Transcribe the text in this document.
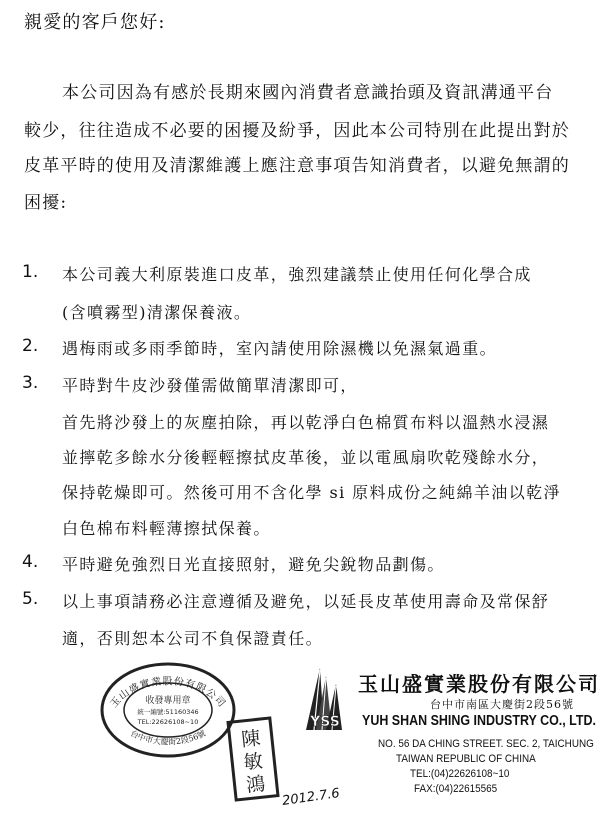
親愛的客戶您好:
本公司因為有感於長期來國內消費者意識抬頭及資訊溝通平台
較少，往往造成不必要的困擾及紛爭，因此本公司特別在此提出對於
皮革平時的使用及清潔維護上應注意事項告知消費者，以避免無謂的
困擾:
1. 本公司義大利原裝進口皮革，強烈建議禁止使用任何化學合成
(含噴霧型)清潔保養液。
2. 遇梅雨或多雨季節時，室內請使用除濕機以免濕氣過重。
3. 平時對牛皮沙發僅需做簡單清潔即可，
首先將沙發上的灰塵拍除，再以乾淨白色棉質布料以溫熱水浸濕
並擰乾多餘水分後輕輕擦拭皮革後，並以電風扇吹乾殘餘水分，
保持乾燥即可。然後可用不含化學 si 原料成份之純綿羊油以乾淨
白色棉布料輕薄擦拭保養。
4. 平時避免強烈日光直接照射，避免尖銳物品劃傷。
5. 以上事項請務必注意遵循及避免，以延長皮革使用壽命及常保舒
適，否則恕本公司不負保證責任。
玉山盛實業股份有限公司
台中市大慶街2段56號
收發專用章
統一編號:51160346
TEL:22626108~10
陳
敏
鴻
YSS
玉山盛實業股份有限公司
台中市南區大慶街2段56號
YUH SHAN SHING INDUSTRY CO., LTD.
NO. 56 DA CHING STREET. SEC. 2, TAICHUNG
TAIWAN REPUBLIC OF CHINA
TEL:(04)22626108~10
FAX:(04)22615565
2012.7.6
